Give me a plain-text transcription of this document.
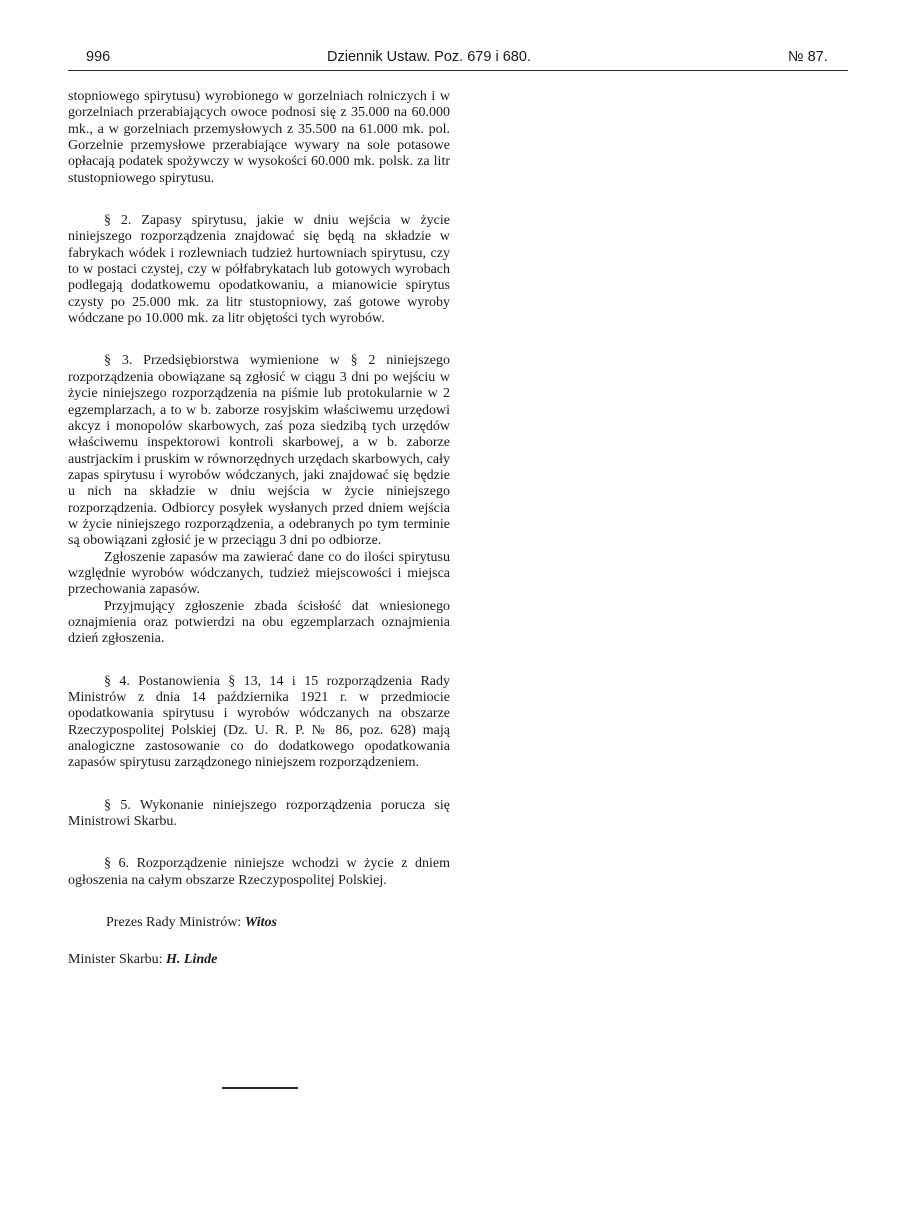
996	Dziennik Ustaw. Poz. 679 i 680.	№ 87.

stopniowego spirytusu) wyrobionego w gorzelniach rolniczych i w gorzelniach przerabiających owoce podnosi się z 35.000 na 60.000 mk., a w gorzelniach przemysłowych z 35.500 na 61.000 mk. pol. Gorzelnie przemysłowe przerabiające wywary na sole potasowe opłacają podatek spożywczy w wysokości 60.000 mk. polsk. za litr stustopniowego spirytusu.

§ 2. Zapasy spirytusu, jakie w dniu wejścia w życie niniejszego rozporządzenia znajdować się będą na składzie w fabrykach wódek i rozlewniach tudzież hurtowniach spirytusu, czy to w postaci czystej, czy w półfabrykatach lub gotowych wyrobach podlegają dodatkowemu opodatkowaniu, a mianowicie spirytus czysty po 25.000 mk. za litr stustopniowy, zaś gotowe wyroby wódczane po 10.000 mk. za litr objętości tych wyrobów.

§ 3. Przedsiębiorstwa wymienione w § 2 niniejszego rozporządzenia obowiązane są zgłosić w ciągu 3 dni po wejściu w życie niniejszego rozporządzenia na piśmie lub protokularnie w 2 egzemplarzach, a to w b. zaborze rosyjskim właściwemu urzędowi akcyz i monopolów skarbowych, zaś poza siedzibą tych urzędów właściwemu inspektorowi kontroli skarbowej, a w b. zaborze austrjackim i pruskim w równorzędnych urzędach skarbowych, cały zapas spirytusu i wyrobów wódczanych, jaki znajdować się będzie u nich na składzie w dniu wejścia w życie niniejszego rozporządzenia. Odbiorcy posyłek wysłanych przed dniem wejścia w życie niniejszego rozporządzenia, a odebranych po tym terminie są obowiązani zgłosić je w przeciągu 3 dni po odbiorze.

Zgłoszenie zapasów ma zawierać dane co do ilości spirytusu względnie wyrobów wódczanych, tudzież miejscowości i miejsca przechowania zapasów.

Przyjmujący zgłoszenie zbada ścisłość dat wniesionego oznajmienia oraz potwierdzi na obu egzemplarzach oznajmienia dzień zgłoszenia.

§ 4. Postanowienia § 13, 14 i 15 rozporządzenia Rady Ministrów z dnia 14 października 1921 r. w przedmiocie opodatkowania spirytusu i wyrobów wódczanych na obszarze Rzeczypospolitej Polskiej (Dz. U. R. P. № 86, poz. 628) mają analogiczne zastosowanie co do dodatkowego opodatkowania zapasów spirytusu zarządzonego niniejszem rozporządzeniem.

§ 5. Wykonanie niniejszego rozporządzenia porucza się Ministrowi Skarbu.

§ 6. Rozporządzenie niniejsze wchodzi w życie z dniem ogłoszenia na całym obszarze Rzeczypospolitej Polskiej.

Prezes Rady Ministrów: Witos

Minister Skarbu: H. Linde
